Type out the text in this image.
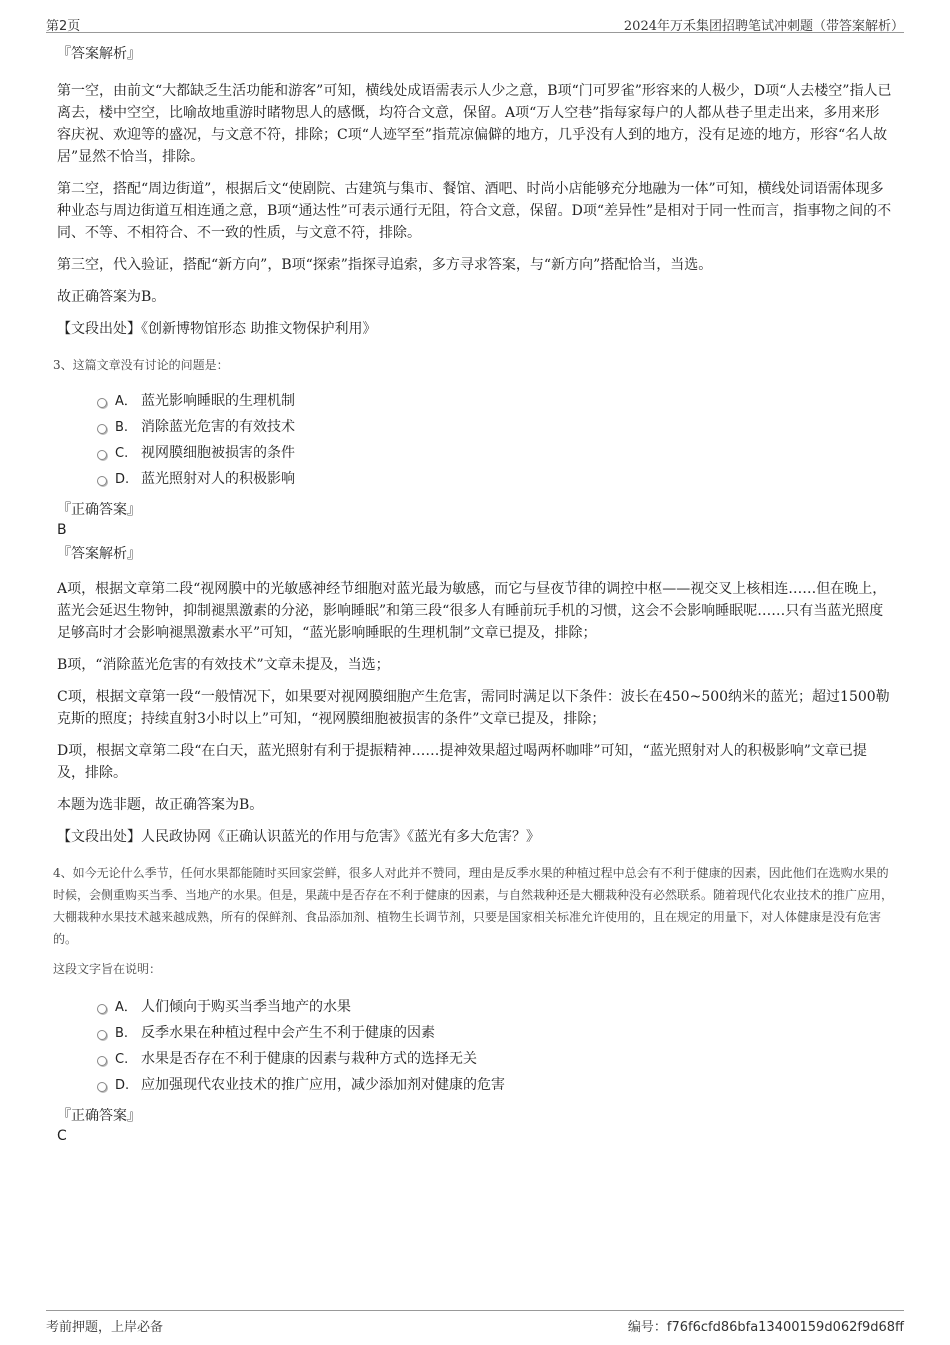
第2页	2024年万禾集团招聘笔试冲刺题（带答案解析）

『答案解析』

第一空，由前文“大都缺乏生活功能和游客”可知，横线处成语需表示人少之意，B项“门可罗雀”形容来的人极少，D项“人去楼空”指人已离去，楼中空空，比喻故地重游时睹物思人的感慨，均符合文意，保留。A项“万人空巷”指每家每户的人都从巷子里走出来，多用来形容庆祝、欢迎等的盛况，与文意不符，排除；C项“人迹罕至”指荒凉偏僻的地方，几乎没有人到的地方，没有足迹的地方，形容“名人故居”显然不恰当，排除。

第二空，搭配“周边街道”，根据后文“使剧院、古建筑与集市、餐馆、酒吧、时尚小店能够充分地融为一体”可知，横线处词语需体现多种业态与周边街道互相连通之意，B项“通达性”可表示通行无阻，符合文意，保留。D项“差异性”是相对于同一性而言，指事物之间的不同、不等、不相符合、不一致的性质，与文意不符，排除。

第三空，代入验证，搭配“新方向”，B项“探索”指探寻追索，多方寻求答案，与“新方向”搭配恰当，当选。

故正确答案为B。

【文段出处】《创新博物馆形态 助推文物保护利用》

3、这篇文章没有讨论的问题是：

A． 蓝光影响睡眠的生理机制
B. 消除蓝光危害的有效技术
C. 视网膜细胞被损害的条件
D. 蓝光照射对人的积极影响

『正确答案』

B

『答案解析』

A项，根据文章第二段“视网膜中的光敏感神经节细胞对蓝光最为敏感，而它与昼夜节律的调控中枢——视交叉上核相连……但在晚上，蓝光会延迟生物钟，抑制褪黑激素的分泌，影响睡眠”和第三段“很多人有睡前玩手机的习惯，这会不会影响睡眠呢……只有当蓝光照度足够高时才会影响褪黑激素水平”可知，“蓝光影响睡眠的生理机制”文章已提及，排除；

B项，“消除蓝光危害的有效技术”文章未提及，当选；

C项，根据文章第一段“一般情况下，如果要对视网膜细胞产生危害，需同时满足以下条件：波长在450~500纳米的蓝光；超过1500勒克斯的照度；持续直射3小时以上”可知，“视网膜细胞被损害的条件”文章已提及，排除；

D项，根据文章第二段“在白天，蓝光照射有利于提振精神……提神效果超过喝两杯咖啡”可知，“蓝光照射对人的积极影响”文章已提及，排除。

本题为选非题，故正确答案为B。

【文段出处】人民政协网《正确认识蓝光的作用与危害》《蓝光有多大危害？》

4、如今无论什么季节，任何水果都能随时买回家尝鲜，很多人对此并不赞同，理由是反季水果的种植过程中总会有不利于健康的因素，因此他们在选购水果的时候，会侧重购买当季、当地产的水果。但是，果蔬中是否存在不利于健康的因素，与自然栽种还是大棚栽种没有必然联系。随着现代化农业技术的推广应用，大棚栽种水果技术越来越成熟，所有的保鲜剂、食品添加剂、植物生长调节剂，只要是国家相关标准允许使用的，且在规定的用量下，对人体健康是没有危害的。

这段文字旨在说明：

A． 人们倾向于购买当季当地产的水果
B. 反季水果在种植过程中会产生不利于健康的因素
C. 水果是否存在不利于健康的因素与栽种方式的选择无关
D. 应加强现代农业技术的推广应用，减少添加剂对健康的危害

『正确答案』

C

考前押题，上岸必备	编号：f76f6cfd86bfa13400159d062f9d68ff
